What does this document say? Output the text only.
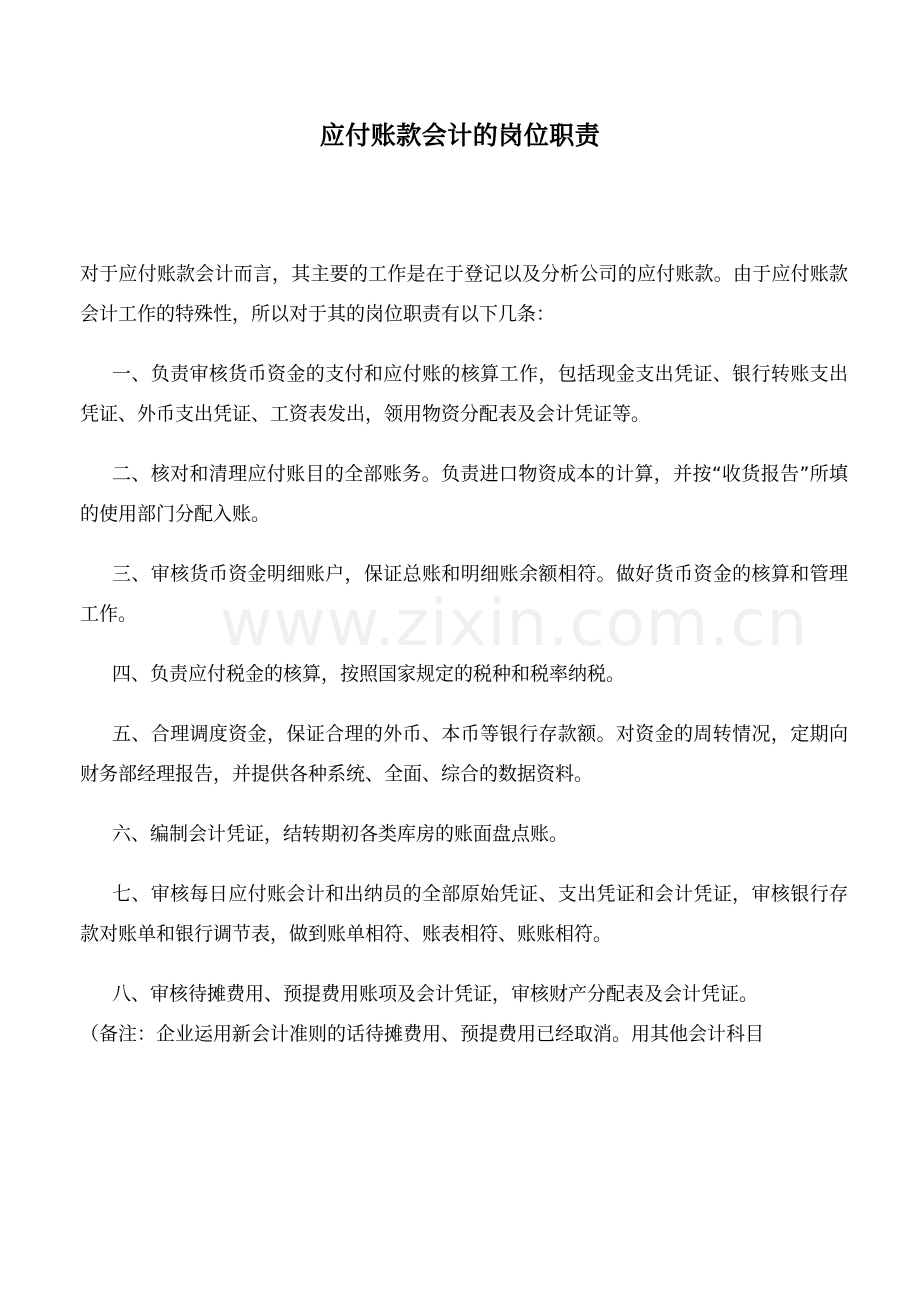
应付账款会计的岗位职责
www.zixin.com.cn

对于应付账款会计而言，其主要的工作是在于登记以及分析公司的应付账款。由于应付账款会计工作的特殊性，所以对于其的岗位职责有以下几条：

一、负责审核货币资金的支付和应付账的核算工作，包括现金支出凭证、银行转账支出凭证、外币支出凭证、工资表发出，领用物资分配表及会计凭证等。

二、核对和清理应付账目的全部账务。负责进口物资成本的计算，并按“收货报告”所填的使用部门分配入账。

三、审核货币资金明细账户，保证总账和明细账余额相符。做好货币资金的核算和管理工作。

四、负责应付税金的核算，按照国家规定的税种和税率纳税。

五、合理调度资金，保证合理的外币、本币等银行存款额。对资金的周转情况，定期向财务部经理报告，并提供各种系统、全面、综合的数据资料。

六、编制会计凭证，结转期初各类库房的账面盘点账。

七、审核每日应付账会计和出纳员的全部原始凭证、支出凭证和会计凭证，审核银行存款对账单和银行调节表，做到账单相符、账表相符、账账相符。

八、审核待摊费用、预提费用账项及会计凭证，审核财产分配表及会计凭证。

（备注：企业运用新会计准则的话待摊费用、预提费用已经取消。用其他会计科目
